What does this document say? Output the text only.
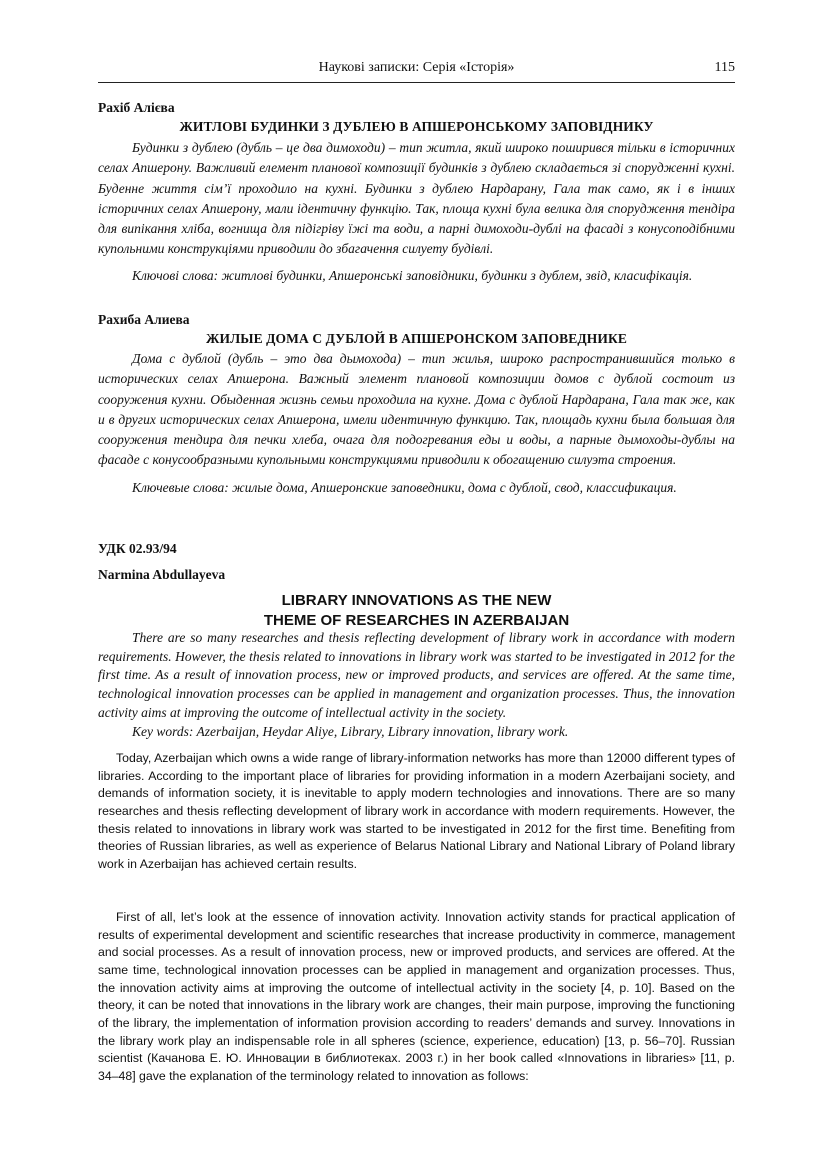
Наукові записки: Серія «Історія»	115
Рахіб Алієва
ЖИТЛОВІ БУДИНКИ З ДУБЛЕЮ В АПШЕРОНСЬКОМУ ЗАПОВІДНИКУ

Будинки з дублею (дубль – це два димоходи) – тип житла, який широко поширився тільки в історичних селах Апшерону. Важливий елемент планової композиції будинків з дублею складається зі спорудженні кухні. Буденне життя сім’ї проходило на кухні. Будинки з дублею Нардарану, Гала так само, як і в інших історичних селах Апшерону, мали ідентичну функцію. Так, площа кухні була велика для спорудження тендіра для випікання хліба, вогнища для підігріву їжі та води, а парні димоходи-дублі на фасаді з конусоподібними купольними конструкціями приводили до збагачення силуету будівлі.

Ключові слова: житлові будинки, Апшеронські заповідники, будинки з дублем, звід, класифікація.

Рахиба Алиева
ЖИЛЫЕ ДОМА С ДУБЛОЙ В АПШЕРОНСКОМ ЗАПОВЕДНИКЕ

Дома с дублой (дубль – это два дымохода) – тип жилья, широко распространившийся только в исторических селах Апшерона. Важный элемент плановой композиции домов с дублой состоит из сооружения кухни. Обыденная жизнь семьи проходила на кухне. Дома с дублой Нардарана, Гала так же, как и в других исторических селах Апшерона, имели идентичную функцию. Так, площадь кухни была большая для сооружения тендира для печки хлеба, очага для подогревания еды и воды, а парные дымоходы-дублы на фасаде с конусообразными купольными конструкциями приводили к обогащению силуэта строения.

Ключевые слова: жилые дома, Апшеронские заповедники, дома с дублой, свод, классификация.

УДК 02.93/94
Narmina Abdullayeva
LIBRARY INNOVATIONS AS THE NEW
THEME OF RESEARCHES IN AZERBAIJAN

There are so many researches and thesis reflecting development of library work in accordance with modern requirements. However, the thesis related to innovations in library work was started to be investigated in 2012 for the first time. As a result of innovation process, new or improved products, and services are offered. At the same time, technological innovation processes can be applied in management and organization processes. Thus, the innovation activity aims at improving the outcome of intellectual activity in the society.

Key words: Azerbaijan, Heydar Aliye, Library, Library innovation, library work.

Today, Azerbaijan which owns a wide range of library-information networks has more than 12000 different types of libraries. According to the important place of libraries for providing information in a modern Azerbaijani society, and demands of information society, it is inevitable to apply modern technologies and innovations. There are so many researches and thesis reflecting development of library work in accordance with modern requirements. However, the thesis related to innovations in library work was started to be investigated in 2012 for the first time. Benefiting from theories of Russian libraries, as well as experience of Belarus National Library and National Library of Poland library work in Azerbaijan has achieved certain results.

First of all, let’s look at the essence of innovation activity. Innovation activity stands for practical application of results of experimental development and scientific researches that increase productivity in commerce, management and social processes. As a result of innovation process, new or improved products, and services are offered. At the same time, technological innovation processes can be applied in management and organization processes. Thus, the innovation activity aims at improving the outcome of intellectual activity in the society [4, p. 10]. Based on the theory, it can be noted that innovations in the library work are changes, their main purpose, improving the functioning of the library, the implementation of information provision according to readers’ demands and survey. Innovations in the library work play an indispensable role in all spheres (science, experience, education) [13, p. 56–70]. Russian scientist (Качанова Е. Ю. Инновации в библиотеках. 2003 г.) in her book called «Innovations in libraries» [11, p. 34–48] gave the explanation of the terminology related to innovation as follows:
